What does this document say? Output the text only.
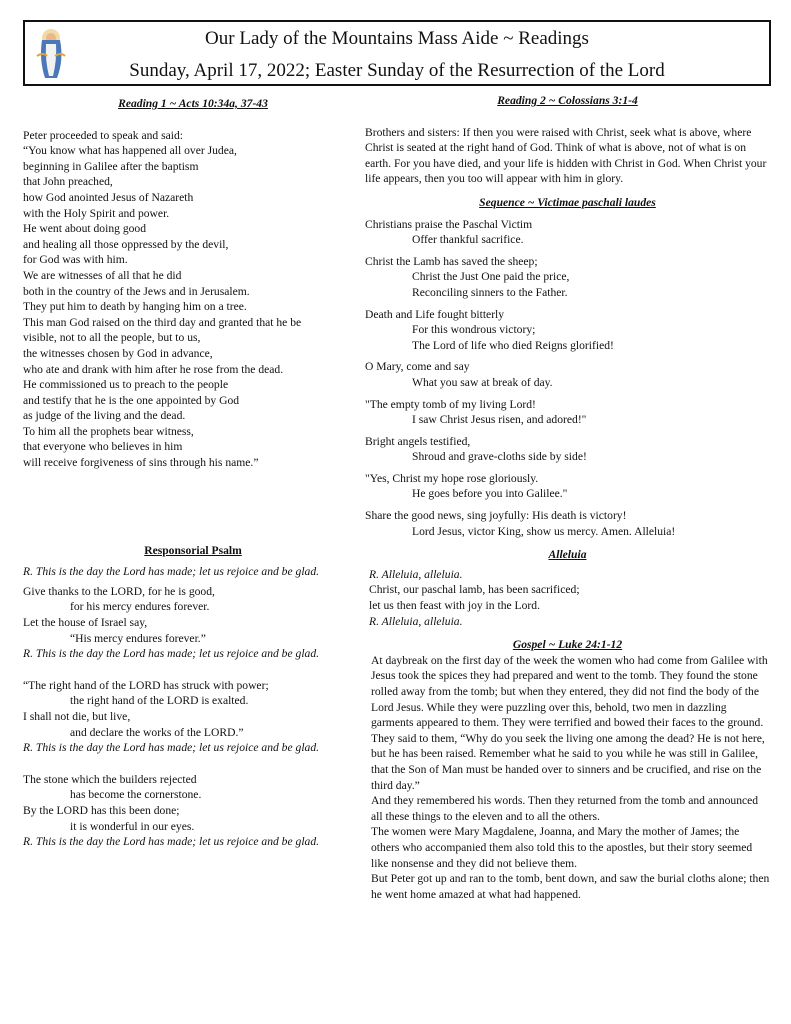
Our Lady of the Mountains Mass Aide ~ Readings
Sunday, April 17, 2022; Easter Sunday of the Resurrection of the Lord
Reading 1 ~ Acts 10:34a, 37-43
Peter proceeded to speak and said:
“You know what has happened all over Judea,
beginning in Galilee after the baptism
that John preached,
how God anointed Jesus of Nazareth
with the Holy Spirit and power.
He went about doing good
and healing all those oppressed by the devil,
for God was with him.
We are witnesses of all that he did
both in the country of the Jews and in Jerusalem.
They put him to death by hanging him on a tree.
This man God raised on the third day and granted that he be
visible, not to all the people, but to us,
the witnesses chosen by God in advance,
who ate and drank with him after he rose from the dead.
He commissioned us to preach to the people
and testify that he is the one appointed by God
as judge of the living and the dead.
To him all the prophets bear witness,
that everyone who believes in him
will receive forgiveness of sins through his name.”
Responsorial Psalm
R. This is the day the Lord has made; let us rejoice and be glad.
Give thanks to the LORD, for he is good,
for his mercy endures forever.
Let the house of Israel say,
“His mercy endures forever.”
R. This is the day the Lord has made; let us rejoice and be glad.
“The right hand of the LORD has struck with power;
the right hand of the LORD is exalted.
I shall not die, but live,
and declare the works of the LORD.”
R. This is the day the Lord has made; let us rejoice and be glad.
The stone which the builders rejected
has become the cornerstone.
By the LORD has this been done;
it is wonderful in our eyes.
R. This is the day the Lord has made; let us rejoice and be glad.
Reading 2 ~ Colossians 3:1-4

Brothers and sisters: If then you were raised with Christ, seek what is above, where Christ is seated at the right hand of God. Think of what is above, not of what is on earth. For you have died, and your life is hidden with Christ in God. When Christ your life appears, then you too will appear with him in glory.

Sequence ~ Victimae paschali laudes
Christians praise the Paschal Victim
Offer thankful sacrifice.
Christ the Lamb has saved the sheep;
Christ the Just One paid the price,
Reconciling sinners to the Father.
Death and Life fought bitterly
For this wondrous victory;
The Lord of life who died Reigns glorified!
O Mary, come and say
What you saw at break of day.
"The empty tomb of my living Lord!
I saw Christ Jesus risen, and adored!"
Bright angels testified,
Shroud and grave-cloths side by side!
"Yes, Christ my hope rose gloriously.
He goes before you into Galilee."
Share the good news, sing joyfully: His death is victory!
Lord Jesus, victor King, show us mercy. Amen. Alleluia!
Alleluia
R. Alleluia, alleluia.
Christ, our paschal lamb, has been sacrificed;
let us then feast with joy in the Lord.
R. Alleluia, alleluia.
Gospel ~ Luke 24:1-12

At daybreak on the first day of the week the women who had come from Galilee with Jesus took the spices they had prepared and went to the tomb. They found the stone rolled away from the tomb; but when they entered, they did not find the body of the Lord Jesus. While they were puzzling over this, behold, two men in dazzling garments appeared to them. They were terrified and bowed their faces to the ground.

They said to them, “Why do you seek the living one among the dead? He is not here, but he has been raised. Remember what he said to you while he was still in Galilee, that the Son of Man must be handed over to sinners and be crucified, and rise on the third day.”

And they remembered his words. Then they returned from the tomb and announced all these things to the eleven and to all the others.

The women were Mary Magdalene, Joanna, and Mary the mother of James; the others who accompanied them also told this to the apostles, but their story seemed like nonsense and they did not believe them.

But Peter got up and ran to the tomb, bent down, and saw the burial cloths alone; then he went home amazed at what had happened.
